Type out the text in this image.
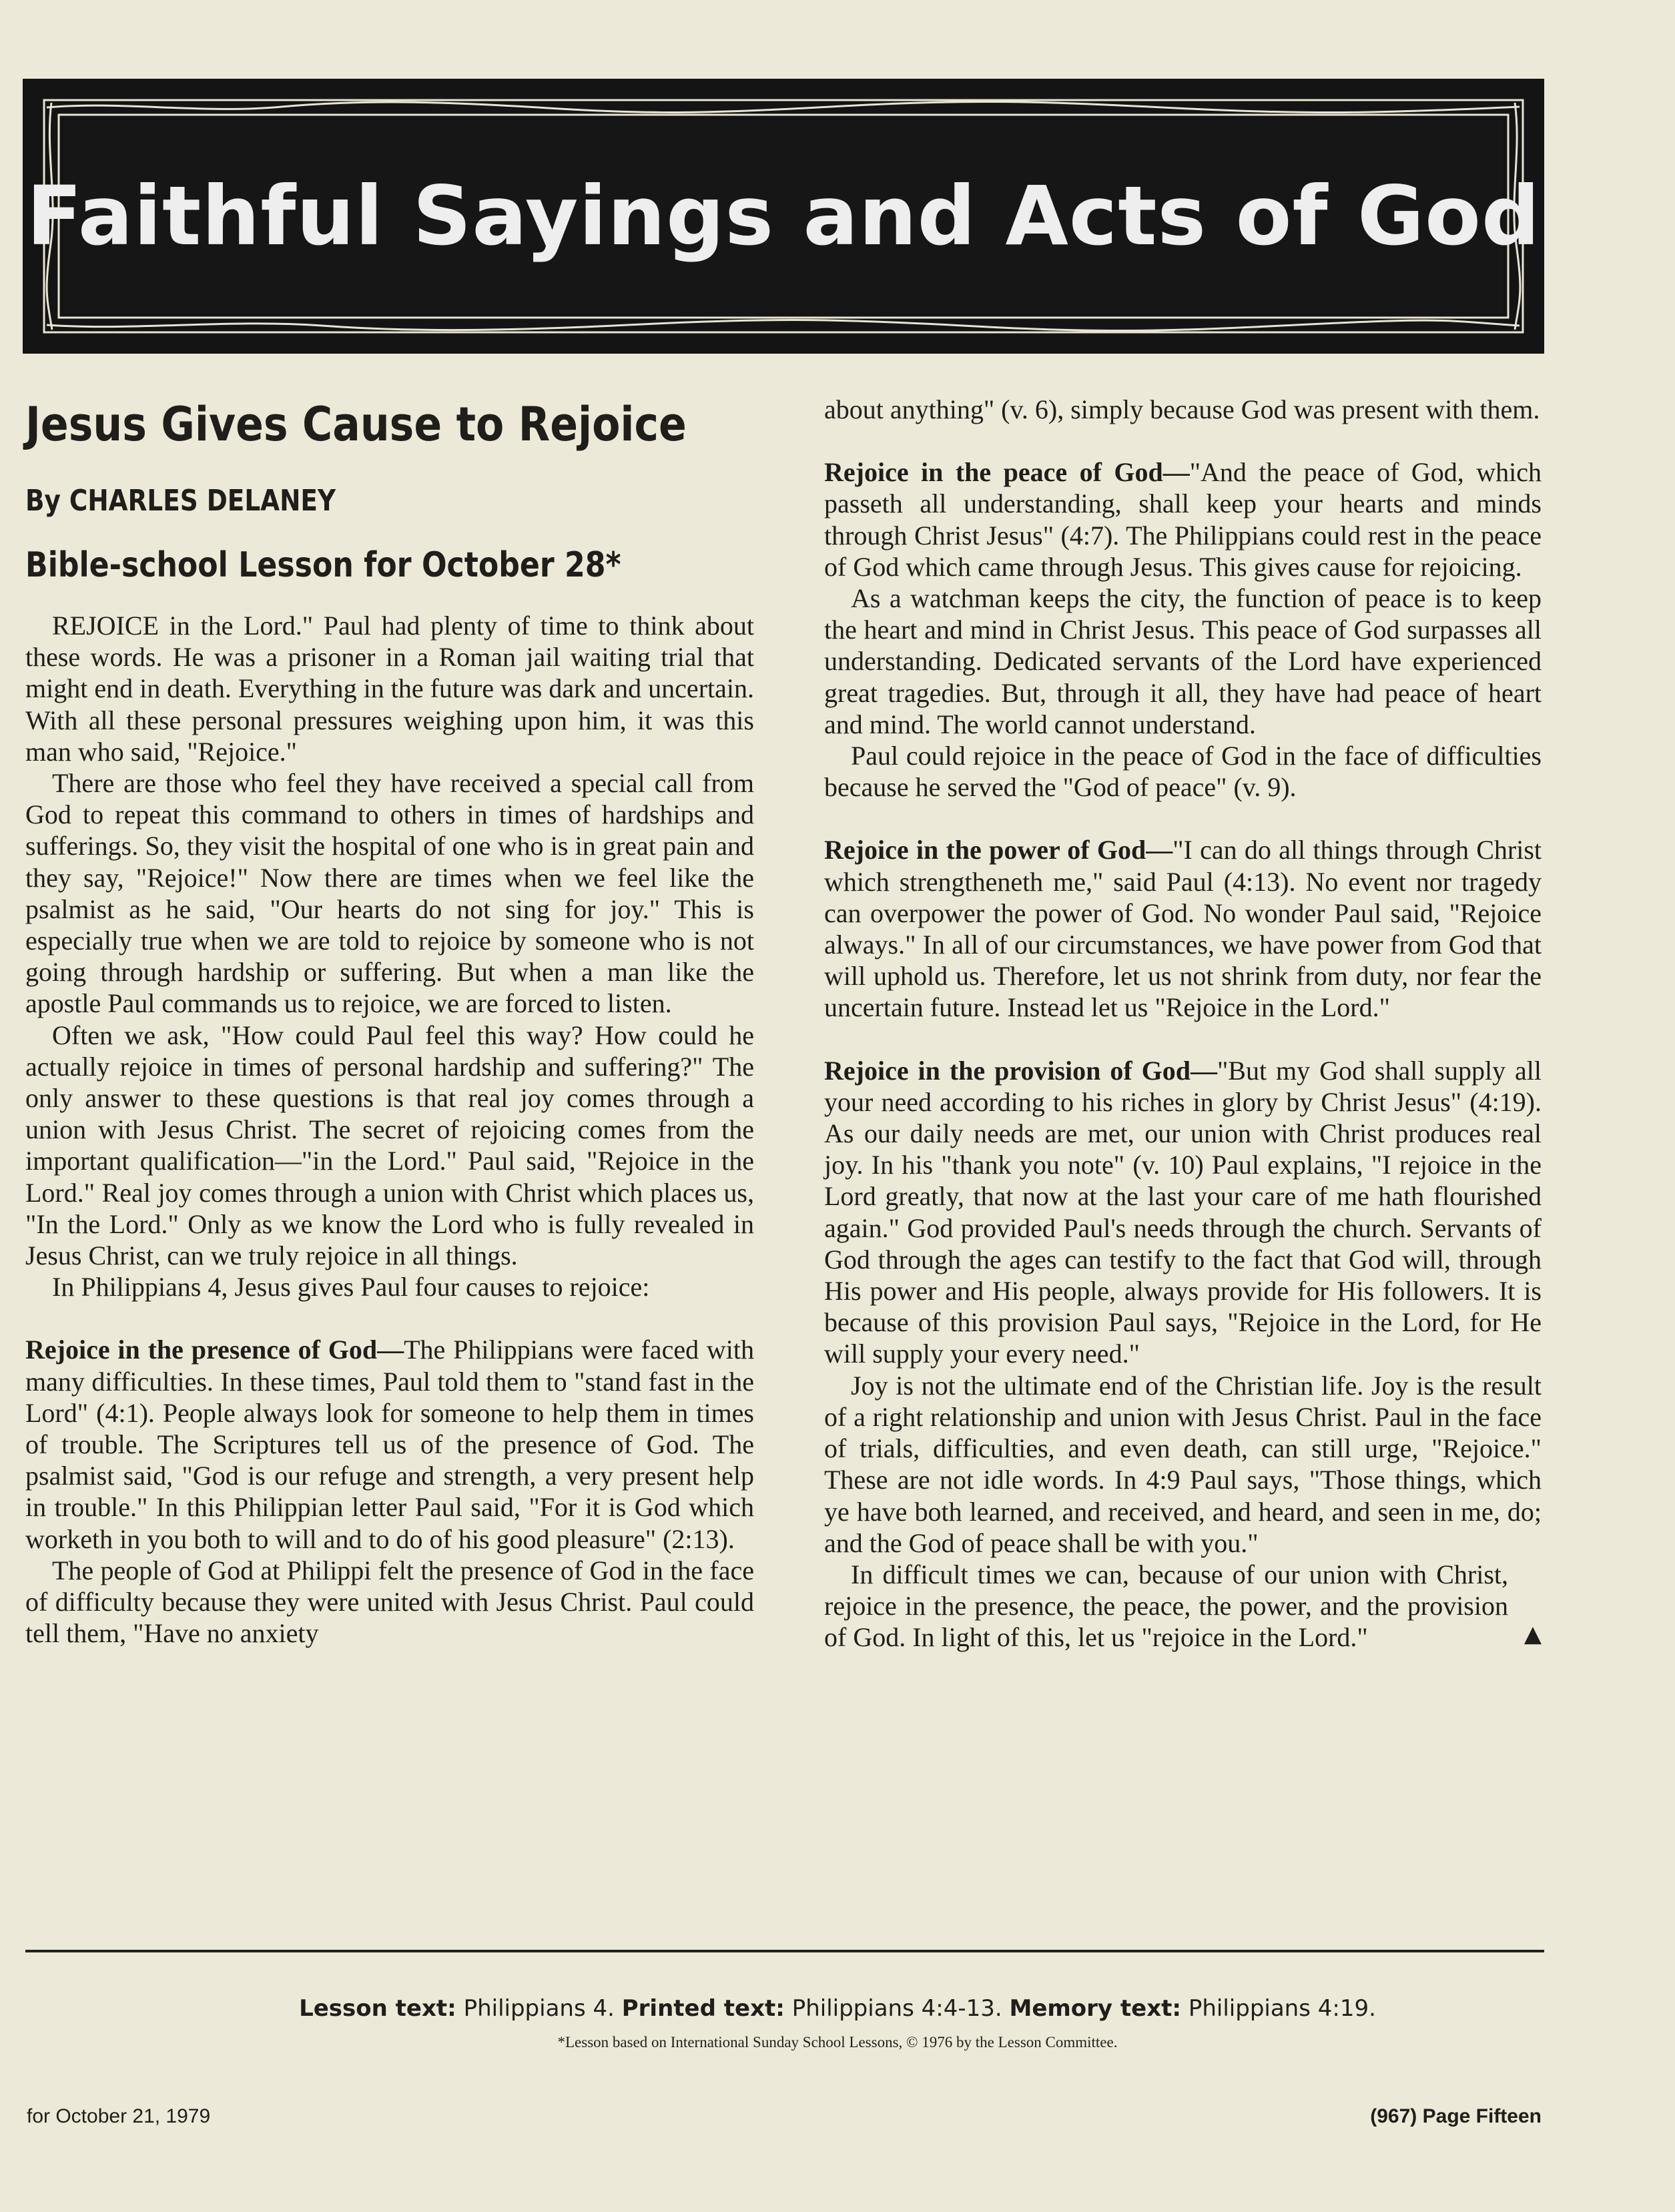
Faithful Sayings and Acts of God
Jesus Gives Cause to Rejoice
By CHARLES DELANEY
Bible-school Lesson for October 28*

REJOICE in the Lord." Paul had plenty of time to think about these words. He was a prisoner in a Roman jail waiting trial that might end in death. Everything in the future was dark and uncertain. With all these personal pressures weighing upon him, it was this man who said, "Rejoice."

There are those who feel they have received a special call from God to repeat this command to others in times of hardships and sufferings. So, they visit the hospital of one who is in great pain and they say, "Rejoice!" Now there are times when we feel like the psalmist as he said, "Our hearts do not sing for joy." This is especially true when we are told to rejoice by someone who is not going through hardship or suffering. But when a man like the apostle Paul commands us to rejoice, we are forced to listen.

Often we ask, "How could Paul feel this way? How could he actually rejoice in times of personal hardship and suffering?" The only answer to these questions is that real joy comes through a union with Jesus Christ. The secret of rejoicing comes from the important qualification—"in the Lord." Paul said, "Rejoice in the Lord." Real joy comes through a union with Christ which places us, "In the Lord." Only as we know the Lord who is fully revealed in Jesus Christ, can we truly rejoice in all things.

In Philippians 4, Jesus gives Paul four causes to rejoice:

Rejoice in the presence of God—The Philippians were faced with many difficulties. In these times, Paul told them to "stand fast in the Lord" (4:1). People always look for someone to help them in times of trouble. The Scriptures tell us of the presence of God. The psalmist said, "God is our refuge and strength, a very present help in trouble." In this Philippian letter Paul said, "For it is God which worketh in you both to will and to do of his good pleasure" (2:13).

The people of God at Philippi felt the presence of God in the face of difficulty because they were united with Jesus Christ. Paul could tell them, "Have no anxiety

about anything" (v. 6), simply because God was present with them.

Rejoice in the peace of God—"And the peace of God, which passeth all understanding, shall keep your hearts and minds through Christ Jesus" (4:7). The Philippians could rest in the peace of God which came through Jesus. This gives cause for rejoicing.

As a watchman keeps the city, the function of peace is to keep the heart and mind in Christ Jesus. This peace of God surpasses all understanding. Dedicated servants of the Lord have experienced great tragedies. But, through it all, they have had peace of heart and mind. The world cannot understand.

Paul could rejoice in the peace of God in the face of difficulties because he served the "God of peace" (v. 9).

Rejoice in the power of God—"I can do all things through Christ which strengtheneth me," said Paul (4:13). No event nor tragedy can overpower the power of God. No wonder Paul said, "Rejoice always." In all of our circumstances, we have power from God that will uphold us. Therefore, let us not shrink from duty, nor fear the uncertain future. Instead let us "Rejoice in the Lord."

Rejoice in the provision of God—"But my God shall supply all your need according to his riches in glory by Christ Jesus" (4:19). As our daily needs are met, our union with Christ produces real joy. In his "thank you note" (v. 10) Paul explains, "I rejoice in the Lord greatly, that now at the last your care of me hath flourished again." God provided Paul's needs through the church. Servants of God through the ages can testify to the fact that God will, through His power and His people, always provide for His followers. It is because of this provision Paul says, "Rejoice in the Lord, for He will supply your every need."

Joy is not the ultimate end of the Christian life. Joy is the result of a right relationship and union with Jesus Christ. Paul in the face of trials, difficulties, and even death, can still urge, "Rejoice." These are not idle words. In 4:9 Paul says, "Those things, which ye have both learned, and received, and heard, and seen in me, do; and the God of peace shall be with you."

In difficult times we can, because of our union with Christ, rejoice in the presence, the peace, the power, and the provision of God. In light of this, let us "rejoice in the Lord."	▲

Lesson text: Philippians 4. Printed text: Philippians 4:4-13. Memory text: Philippians 4:19.
*Lesson based on International Sunday School Lessons, © 1976 by the Lesson Committee.
for October 21, 1979	(967) Page Fifteen
